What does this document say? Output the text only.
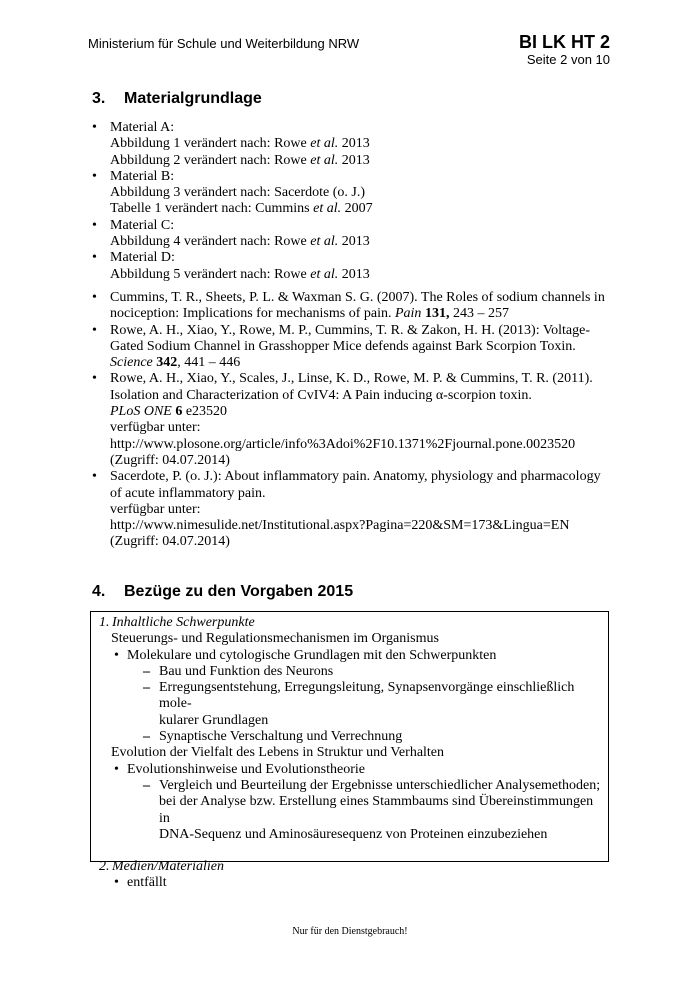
Ministerium für Schule und Weiterbildung NRW	BI LK HT 2
Seite 2 von 10
3. Materialgrundlage
• Material A:
Abbildung 1 verändert nach: Rowe et al. 2013
Abbildung 2 verändert nach: Rowe et al. 2013
• Material B:
Abbildung 3 verändert nach: Sacerdote (o. J.)
Tabelle 1 verändert nach: Cummins et al. 2007
• Material C:
Abbildung 4 verändert nach: Rowe et al. 2013
• Material D:
Abbildung 5 verändert nach: Rowe et al. 2013
• Cummins, T. R., Sheets, P. L. & Waxman S. G. (2007). The Roles of sodium channels in
nociception: Implications for mechanisms of pain. Pain 131, 243 – 257
• Rowe, A. H., Xiao, Y., Rowe, M. P., Cummins, T. R. & Zakon, H. H. (2013): Voltage-
Gated Sodium Channel in Grasshopper Mice defends against Bark Scorpion Toxin.
Science 342, 441 – 446
• Rowe, A. H., Xiao, Y., Scales, J., Linse, K. D., Rowe, M. P. & Cummins, T. R. (2011).
Isolation and Characterization of CvIV4: A Pain inducing α-scorpion toxin.
PLoS ONE 6 e23520
verfügbar unter:
http://www.plosone.org/article/info%3Adoi%2F10.1371%2Fjournal.pone.0023520
(Zugriff: 04.07.2014)
• Sacerdote, P. (o. J.): About inflammatory pain. Anatomy, physiology and pharmacology
of acute inflammatory pain.
verfügbar unter:
http://www.nimesulide.net/Institutional.aspx?Pagina=220&SM=173&Lingua=EN
(Zugriff: 04.07.2014)
4. Bezüge zu den Vorgaben 2015
1. Inhaltliche Schwerpunkte
Steuerungs- und Regulationsmechanismen im Organismus
• Molekulare und cytologische Grundlagen mit den Schwerpunkten
– Bau und Funktion des Neurons
– Erregungsentstehung, Erregungsleitung, Synapsenvorgänge einschließlich mole-
kularer Grundlagen
– Synaptische Verschaltung und Verrechnung
Evolution der Vielfalt des Lebens in Struktur und Verhalten
• Evolutionshinweise und Evolutionstheorie
– Vergleich und Beurteilung der Ergebnisse unterschiedlicher Analysemethoden;
bei der Analyse bzw. Erstellung eines Stammbaums sind Übereinstimmungen in
DNA-Sequenz und Aminosäuresequenz von Proteinen einzubeziehen
2. Medien/Materialien
• entfällt
Nur für den Dienstgebrauch!
